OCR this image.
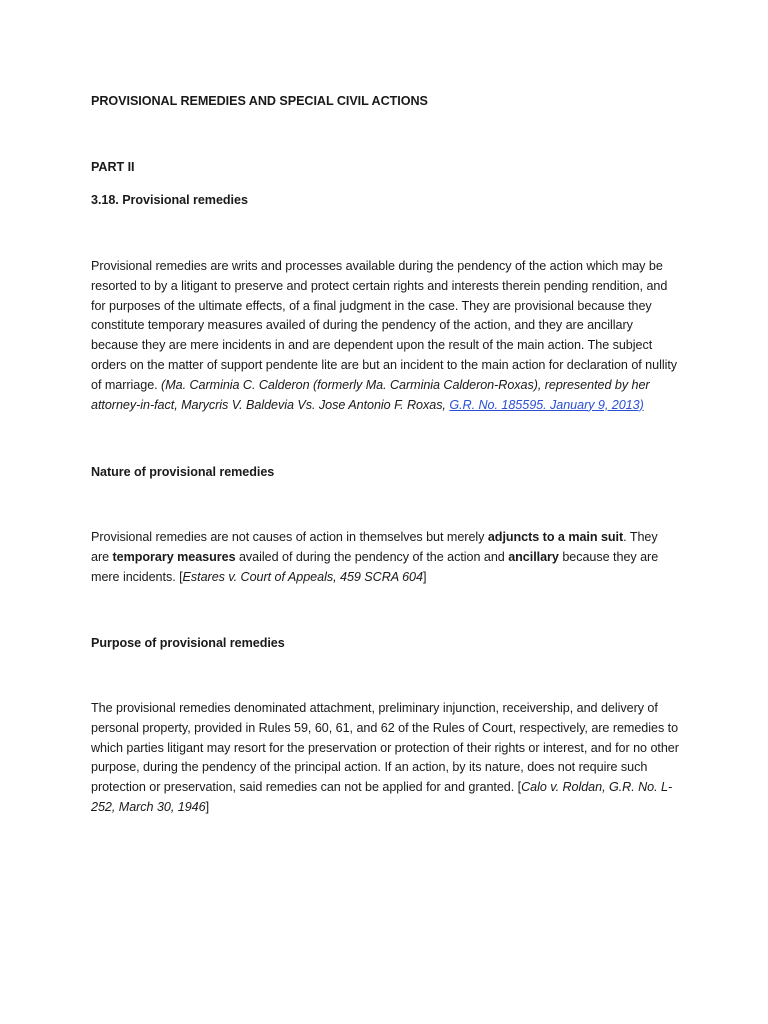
PROVISIONAL REMEDIES AND SPECIAL CIVIL ACTIONS

PART II

3.18. Provisional remedies

Provisional remedies are writs and processes available during the pendency of the action which may be resorted to by a litigant to preserve and protect certain rights and interests therein pending rendition, and for purposes of the ultimate effects, of a final judgment in the case. They are provisional because they constitute temporary measures availed of during the pendency of the action, and they are ancillary because they are mere incidents in and are dependent upon the result of the main action. The subject orders on the matter of support pendente lite are but an incident to the main action for declaration of nullity of marriage. (Ma. Carminia C. Calderon (formerly Ma. Carminia Calderon-Roxas), represented by her attorney-in-fact, Marycris V. Baldevia Vs. Jose Antonio F. Roxas, G.R. No. 185595. January 9, 2013)

Nature of provisional remedies

Provisional remedies are not causes of action in themselves but merely adjuncts to a main suit. They are temporary measures availed of during the pendency of the action and ancillary because they are mere incidents. [Estares v. Court of Appeals, 459 SCRA 604]

Purpose of provisional remedies

The provisional remedies denominated attachment, preliminary injunction, receivership, and delivery of personal property, provided in Rules 59, 60, 61, and 62 of the Rules of Court, respectively, are remedies to which parties litigant may resort for the preservation or protection of their rights or interest, and for no other purpose, during the pendency of the principal action. If an action, by its nature, does not require such protection or preservation, said remedies can not be applied for and granted. [Calo v. Roldan, G.R. No. L-252, March 30, 1946]
